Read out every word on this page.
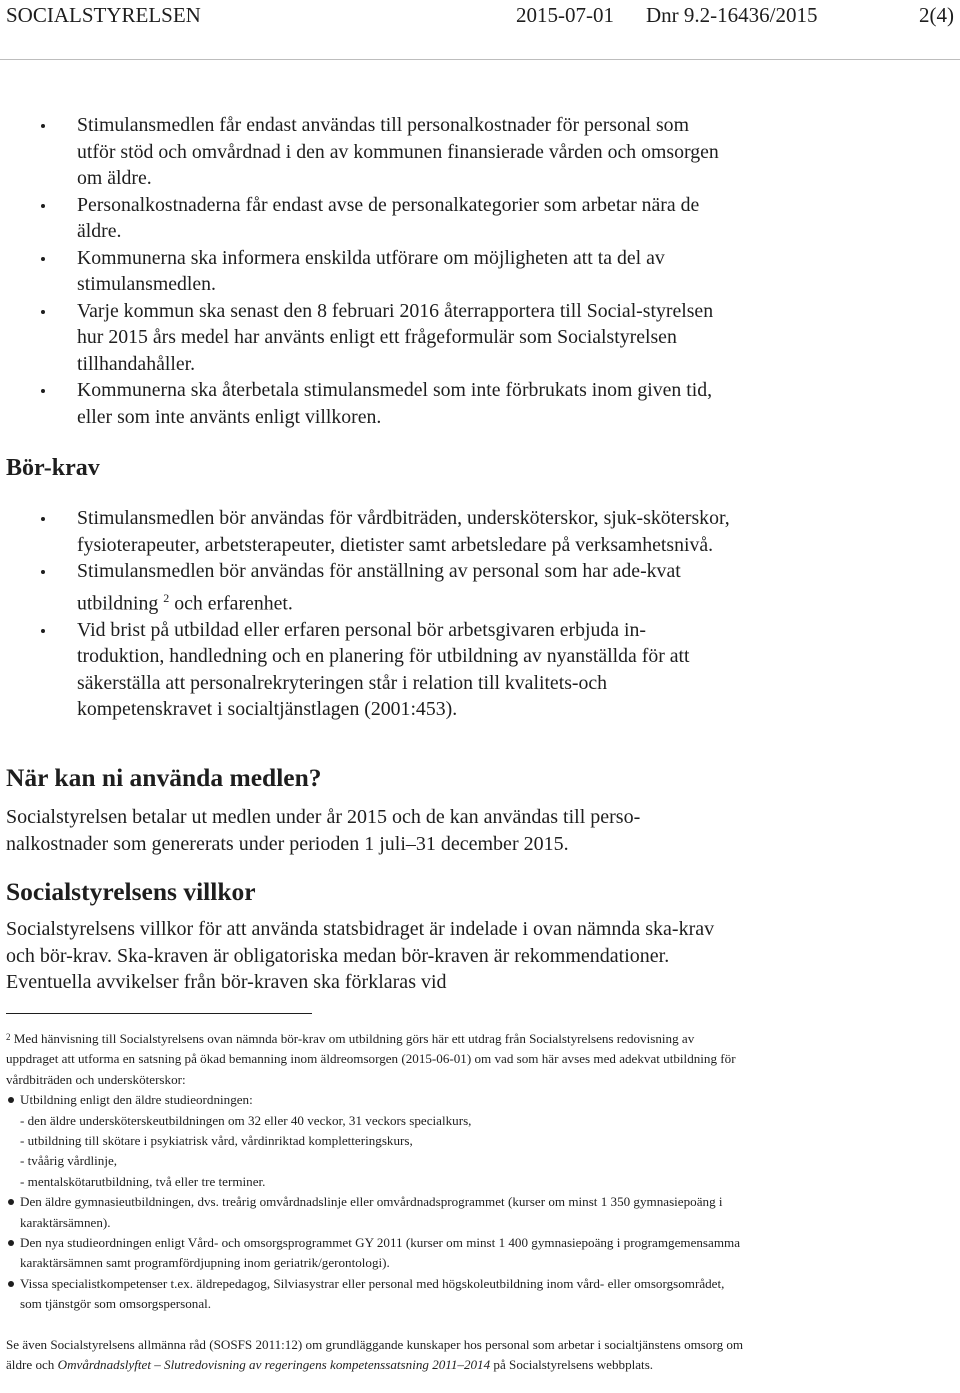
SOCIALSTYRELSEN	2015-07-01 Dnr 9.2-16436/2015	2(4)
Stimulansmedlen får endast användas till personalkostnader för personal som utför stöd och omvårdnad i den av kommunen finansierade vården och omsorgen om äldre.
Personalkostnaderna får endast avse de personalkategorier som arbetar nära de äldre.
Kommunerna ska informera enskilda utförare om möjligheten att ta del av stimulansmedlen.
Varje kommun ska senast den 8 februari 2016 återrapportera till Social-styrelsen hur 2015 års medel har använts enligt ett frågeformulär som Socialstyrelsen tillhandahåller.
Kommunerna ska återbetala stimulansmedel som inte förbrukats inom given tid, eller som inte använts enligt villkoren.
Bör-krav
Stimulansmedlen bör användas för vårdbiträden, undersköterskor, sjuk-sköterskor, fysioterapeuter, arbetsterapeuter, dietister samt arbetsledare på verksamhetsnivå.
Stimulansmedlen bör användas för anställning av personal som har ade-kvat utbildning $^2$ och erfarenhet.
Vid brist på utbildad eller erfaren personal bör arbetsgivaren erbjuda in-troduktion, handledning och en planering för utbildning av nyanställda för att säkerställa att personalrekryteringen står i relation till kvalitets-och kompetenskravet i socialtjänstlagen (2001:453).
När kan ni använda medlen?

Socialstyrelsen betalar ut medlen under år 2015 och de kan användas till perso-nalkostnader som genererats under perioden 1 juli–31 december 2015.

Socialstyrelsens villkor

Socialstyrelsens villkor för att använda statsbidraget är indelade i ovan nämnda ska-krav och bör-krav. Ska-kraven är obligatoriska medan bör-kraven är rekommendationer. Eventuella avvikelser från bör-kraven ska förklaras vid

$^2$ Med hänvisning till Socialstyrelsens ovan nämnda bör-krav om utbildning görs här ett utdrag från Socialstyrelsens redovisning av uppdraget att utforma en satsning på ökad bemanning inom äldreomsorgen (2015-06-01) om vad som här avses med adekvat utbildning för vårdbiträden och undersköterskor:

Utbildning enligt den äldre studieordningen:
- den äldre undersköterskeutbildningen om 32 eller 40 veckor, 31 veckors specialkurs,
- utbildning till skötare i psykiatrisk vård, vårdinriktad kompletteringskurs,
- tvåårig vårdlinje,
- mentalskötarutbildning, två eller tre terminer.
Den äldre gymnasieutbildningen, dvs. treårig omvårdnadslinje eller omvårdnadsprogrammet (kurser om minst 1 350 gymnasiepoäng i karaktärsämnen).
Den nya studieordningen enligt Vård- och omsorgsprogrammet GY 2011 (kurser om minst 1 400 gymnasiepoäng i programgemensamma karaktärsämnen samt programfördjupning inom geriatrik/gerontologi).
Vissa specialistkompetenser t.ex. äldrepedagog, Silviasystrar eller personal med högskoleutbildning inom vård- eller omsorgsområdet, som tjänstgör som omsorgspersonal.

Se även Socialstyrelsens allmänna råd (SOSFS 2011:12) om grundläggande kunskaper hos personal som arbetar i socialtjänstens omsorg om äldre och Omvårdnadslyftet – Slutredovisning av regeringens kompetenssatsning 2011–2014 på Socialstyrelsens webbplats.
